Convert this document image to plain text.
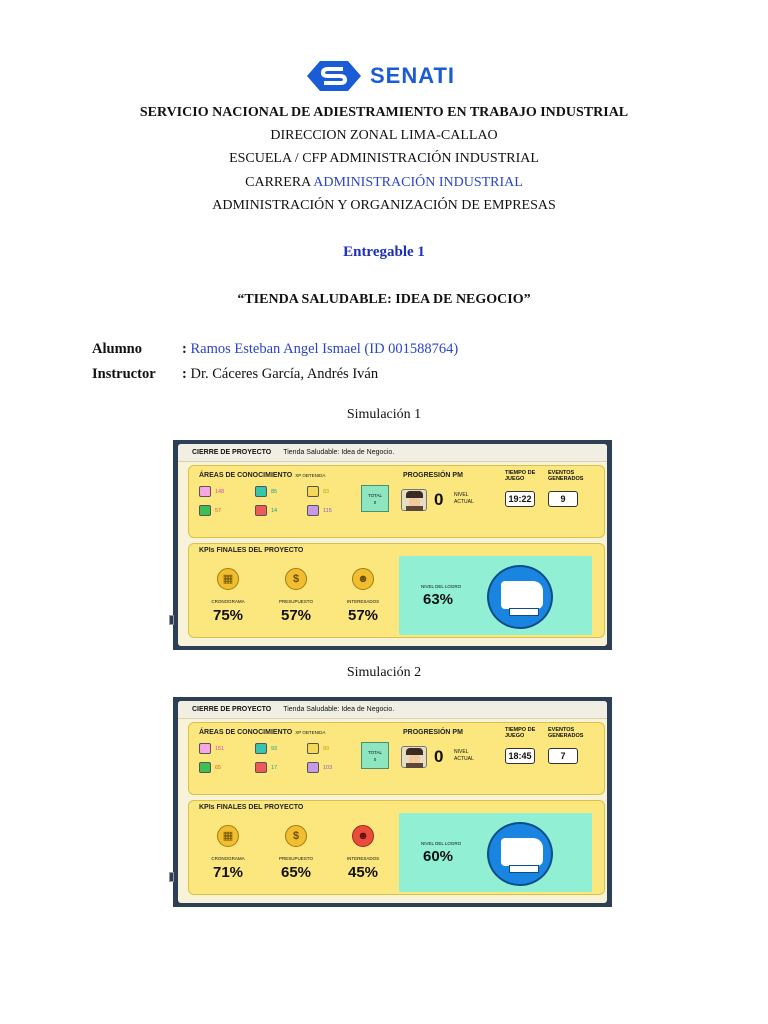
SENATI
SERVICIO NACIONAL DE ADIESTRAMIENTO EN TRABAJO INDUSTRIAL
DIRECCION ZONAL LIMA-CALLAO
ESCUELA / CFP ADMINISTRACIÓN INDUSTRIAL
CARRERA ADMINISTRACIÓN INDUSTRIAL
ADMINISTRACIÓN Y ORGANIZACIÓN DE EMPRESAS
Entregable 1
“TIENDA SALUDABLE: IDEA DE NEGOCIO”
Alumno	: Ramos Esteban Angel Ismael (ID 001588764)
Instructor : Dr. Cáceres García, Andrés Iván
Simulación 1
CIERRE DE PROYECTO Tienda Saludable: Idea de Negocio.
ÁREAS DE CONOCIMIENTO XP OBTENIDA
148	85	83
57	14	115
TOTAL
0
PROGRESIÓN PM
0 NIVEL ACTUAL
TIEMPO DE JUEGO
EVENTOS GENERADOS
19:22	9
KPIs FINALES DEL PROYECTO
▦
CRONOGRAMA
75%
$
PRESUPUESTO
57%
☻
INTERESADOS
57%
NIVEL DEL LOGRO
63%
Simulación 2
CIERRE DE PROYECTO Tienda Saludable: Idea de Negocio.
ÁREAS DE CONOCIMIENTO XP OBTENIDA
151	93	89
65	17	103
TOTAL
0
PROGRESIÓN PM
0 NIVEL ACTUAL
TIEMPO DE JUEGO
EVENTOS GENERADOS
18:45	7
KPIs FINALES DEL PROYECTO
▦
CRONOGRAMA
71%
$
PRESUPUESTO
65%
☻
INTERESADOS
45%
NIVEL DEL LOGRO
60%
